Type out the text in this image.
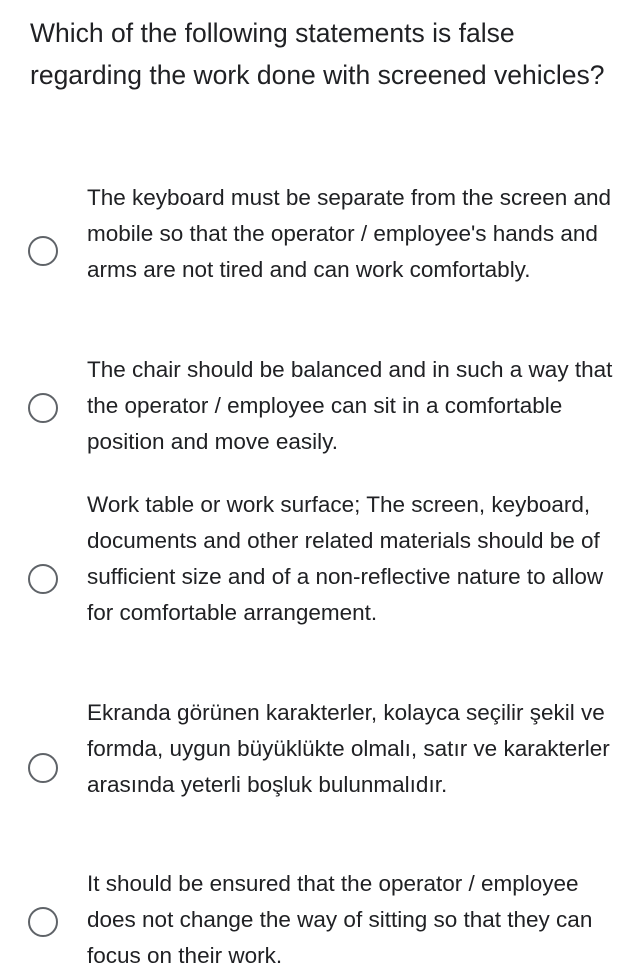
Which of the following statements is false regarding the work done with screened vehicles?
The keyboard must be separate from the screen and mobile so that the operator / employee's hands and arms are not tired and can work comfortably.
The chair should be balanced and in such a way that the operator / employee can sit in a comfortable position and move easily.
Work table or work surface; The screen, keyboard, documents and other related materials should be of sufficient size and of a non-reflective nature to allow for comfortable arrangement.
Ekranda görünen karakterler, kolayca seçilir şekil ve formda, uygun büyüklükte olmalı, satır ve karakterler arasında yeterli boşluk bulunmalıdır.
It should be ensured that the operator / employee does not change the way of sitting so that they can focus on their work.
